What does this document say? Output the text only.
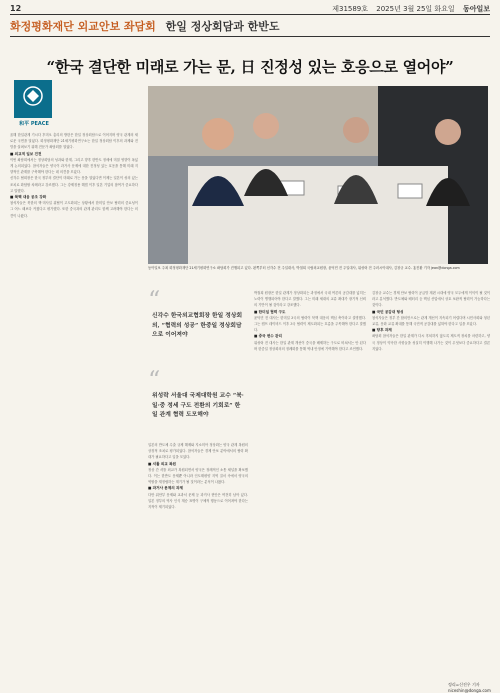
12	제31589호 2025년 3월 25일 화요일 동아일보
화정평화재단 외교안보 좌담회 한일 정상회담과 한반도
“한국 결단한 미래로 가는 문, 日 진정성 있는 호응으로 열어야”
和平 PEACE

올해 한일관계 기시다 후미오 총리의 방한은 한일 정상회담으로 이어지며 양국 관계의 새로운 국면을 열었다. 화정평화재단 21세기평화연구소는 한일 정상회담 이후의 과제와 전망을 살펴보기 위해 전문가 좌담회를 열었다.

■ 외교적 일보 진전

이번 좌담회에서는 정상회담의 성과와 한계, 그리고 향후 한반도 정세에 미칠 영향이 폭넓게 논의되었다. 참석자들은 양국이 과거사 문제에 대한 진정성 있는 호응을 통해 미래 지향적인 관계를 구축해야 한다는 데 의견을 모았다.

신각수 협회장은 한국 정부의 결단이 미래로 가는 문을 열었다면 이제는 일본이 성의 있는 조치로 화답할 차례라고 강조했다. 그는 강제징용 해법 이후 일본 기업의 참여가 중요하다고 말했다.

■ 북핵 대응 공조 강화

참석자들은 북한의 핵·미사일 위협이 고도화되는 상황에서 한미일 안보 협력의 중요성이 그 어느 때보다 커졌다고 평가했다. 또한 중국과의 관계 관리도 함께 고려해야 한다는 의견이 나왔다.

동아일보 주최 화정평화재단 21세기평화연구소 좌담회가 진행되고 있다. 왼쪽부터 신각수 전 주일대사, 박철희 국립외교원장, 윤덕민 전 주일대사, 위성락 전 주러시아대사, 김창규 교수. 홍진환 기자 jean@donga.com
“
신각수 한국외교협회장 한일 정상회 의, “협력의 성공” 한중일 정상회담으로 이어져야
“
위성락 서울대 국제대학원 교수 “북·일·중 정세 구도 전환의 기회로” 한일 관계 협력 도모해야

일본의 반도체 수출 규제 해제와 지소미아 정상화는 양국 관계 복원의 상징적 조치로 평가되었다. 참석자들은 경제 안보 분야에서의 협력 확대가 필요하다고 입을 모았다.

■ 셔틀 외교 복원

정상 간 셔틀 외교가 복원되면서 양국은 정례적인 소통 채널을 확보했다. 이는 한반도 문제뿐 아니라 인도태평양 지역 질서 속에서 양국의 역할을 재정립하는 계기가 될 것이라는 분석이 나왔다.

■ 과거사 문제의 과제

다만 위안부 문제와 교과서 문제 등 과거사 현안은 여전히 남아 있다. 일본 정부의 역사 인식 계승 표명이 구체적 행동으로 이어져야 한다는 지적이 제기되었다.

박철희 원장은 한일 관계가 정상화되는 과정에서 국내 여론의 공감대를 넓히는 노력이 병행되어야 한다고 말했다. 그는 미래 세대의 교류 확대가 장기적 신뢰의 기반이 될 것이라고 강조했다.

■ 한미일 협력 구도

윤덕민 전 대사는 한미일 3국의 협력이 북핵 대응의 핵심 축이라고 설명했다. 그는 캠프 데이비드 이후 3국 협력이 제도화되는 흐름을 주목해야 한다고 말했다.

■ 중국 변수 관리

위성락 전 대사는 한일 관계 개선이 중국을 배제하는 구도로 비쳐서는 안 된다며 한중일 정상회의의 정례화를 통해 역내 안정에 기여해야 한다고 조언했다.

김창규 교수는 경제 안보 협력이 공급망 재편 시대에 양국 모두에게 이익이 될 것이라고 분석했다. 반도체와 배터리 등 핵심 산업에서 상호 보완적 협력이 가능하다는 것이다.

■ 국민 공감대 형성

참석자들은 정부 간 합의만으로는 관계 개선이 지속되기 어렵다며 시민사회와 청년 교류, 문화 교류 확대를 통해 국민적 공감대를 넓혀야 한다고 입을 모았다.

■ 향후 과제

좌담회 참석자들은 한일 관계가 다시 후퇴하지 않도록 제도적 장치를 마련하고, 양국 정상이 약속한 사항들을 성실히 이행해 나가는 것이 무엇보다 중요하다고 결론지었다.

정리=신진우 기자 niceshin@donga.com
